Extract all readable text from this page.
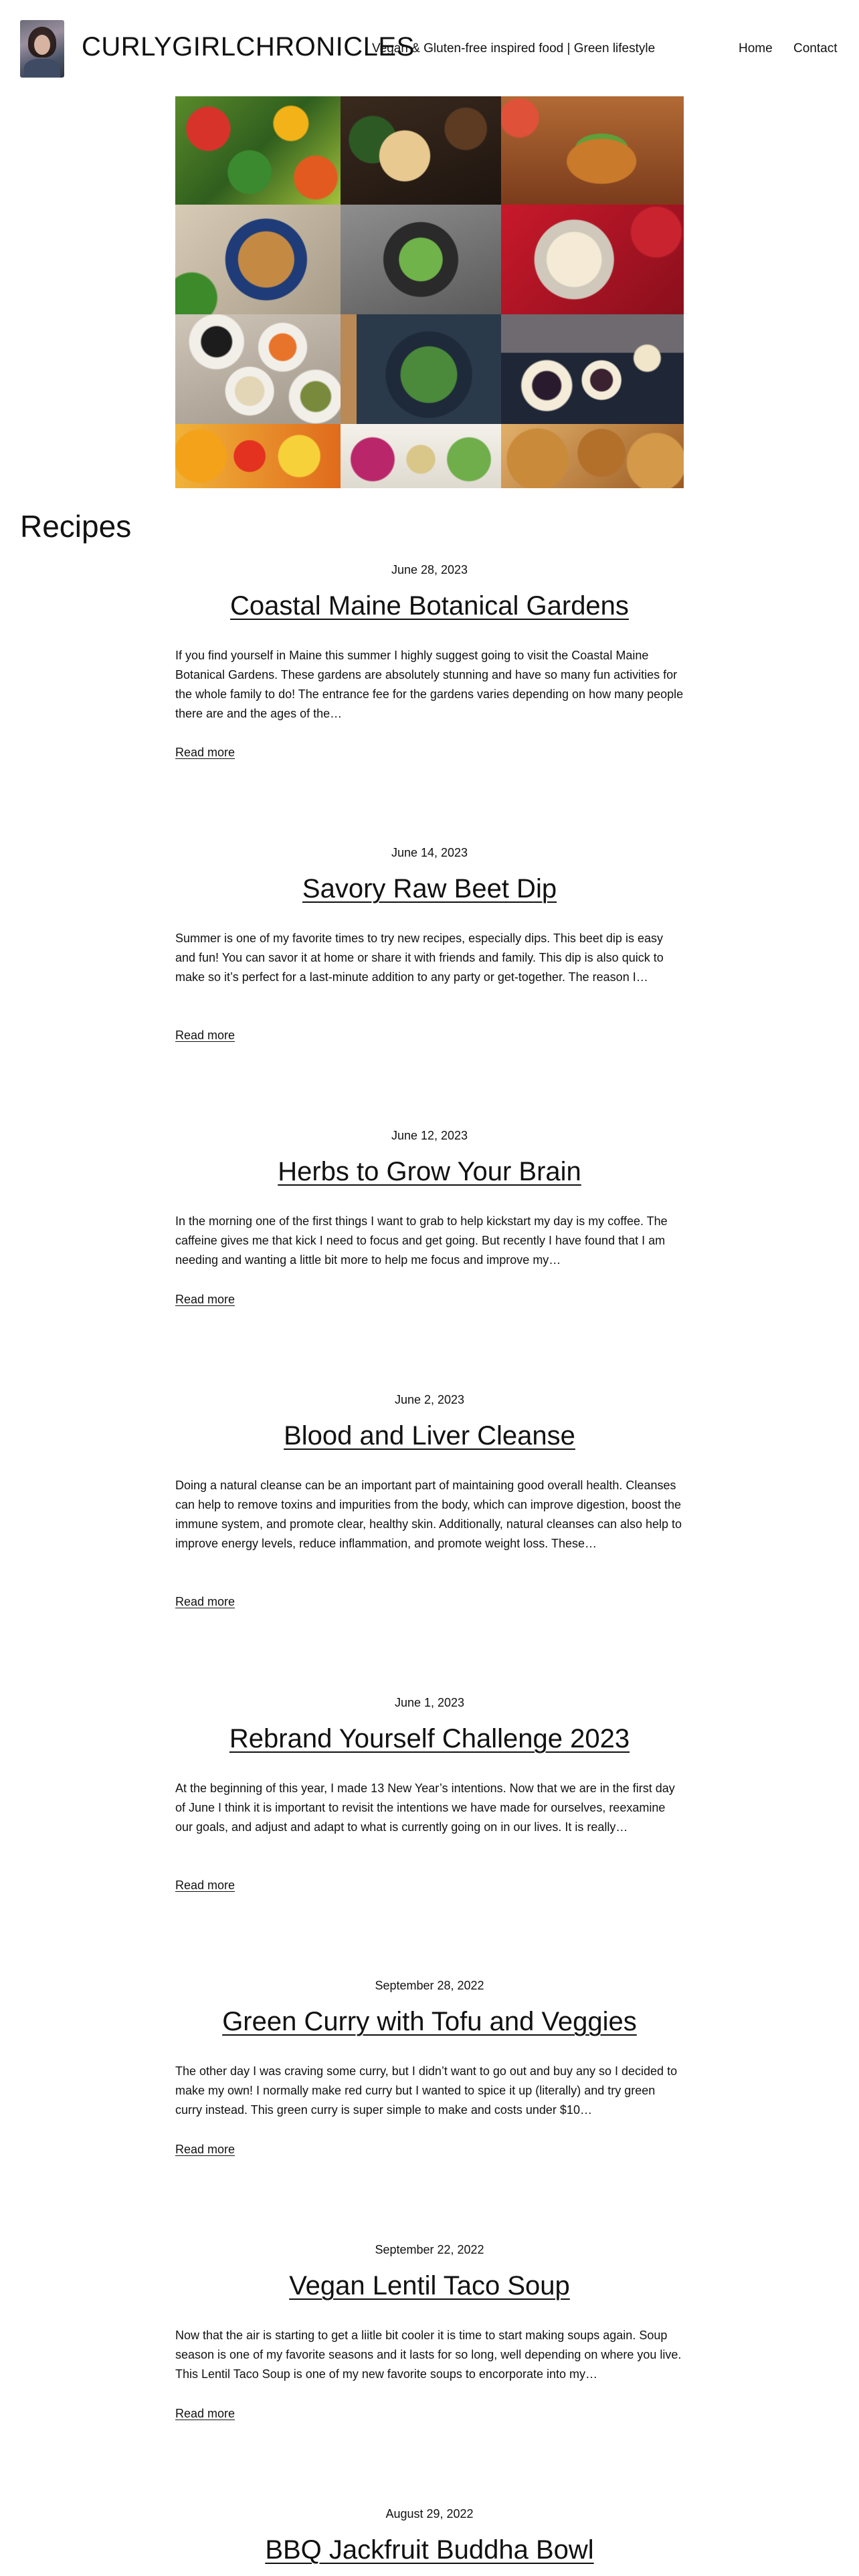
CURLYGIRLCHRONICLES
Vegan & Gluten-free inspired food | Green lifestyle	Home Contact
Recipes
June 28, 2023
Coastal Maine Botanical Gardens

If you find yourself in Maine this summer I highly suggest going to visit the Coastal Maine Botanical Gardens. These gardens are absolutely stunning and have so many fun activities for the whole family to do! The entrance fee for the gardens varies depending on how many people there are and the ages of the…

Read more
June 14, 2023
Savory Raw Beet Dip

Summer is one of my favorite times to try new recipes, especially dips. This beet dip is easy and fun! You can savor it at home or share it with friends and family. This dip is also quick to make so it’s perfect for a last-minute addition to any party or get-together. The reason I…

Read more
June 12, 2023
Herbs to Grow Your Brain

In the morning one of the first things I want to grab to help kickstart my day is my coffee. The caffeine gives me that kick I need to focus and get going. But recently I have found that I am needing and wanting a little bit more to help me focus and improve my…

Read more
June 2, 2023
Blood and Liver Cleanse

Doing a natural cleanse can be an important part of maintaining good overall health. Cleanses can help to remove toxins and impurities from the body, which can improve digestion, boost the immune system, and promote clear, healthy skin. Additionally, natural cleanses can also help to improve energy levels, reduce inflammation, and promote weight loss. These…

Read more
June 1, 2023
Rebrand Yourself Challenge 2023

At the beginning of this year, I made 13 New Year’s intentions. Now that we are in the first day of June I think it is important to revisit the intentions we have made for ourselves, reexamine our goals, and adjust and adapt to what is currently going on in our lives. It is really…

Read more
September 28, 2022
Green Curry with Tofu and Veggies

The other day I was craving some curry, but I didn’t want to go out and buy any so I decided to make my own! I normally make red curry but I wanted to spice it up (literally) and try green curry instead. This green curry is super simple to make and costs under $10…

Read more
September 22, 2022
Vegan Lentil Taco Soup

Now that the air is starting to get a liitle bit cooler it is time to start making soups again. Soup season is one of my favorite seasons and it lasts for so long, well depending on where you live. This Lentil Taco Soup is one of my new favorite soups to encorporate into my…

Read more
August 29, 2022
BBQ Jackfruit Buddha Bowl
